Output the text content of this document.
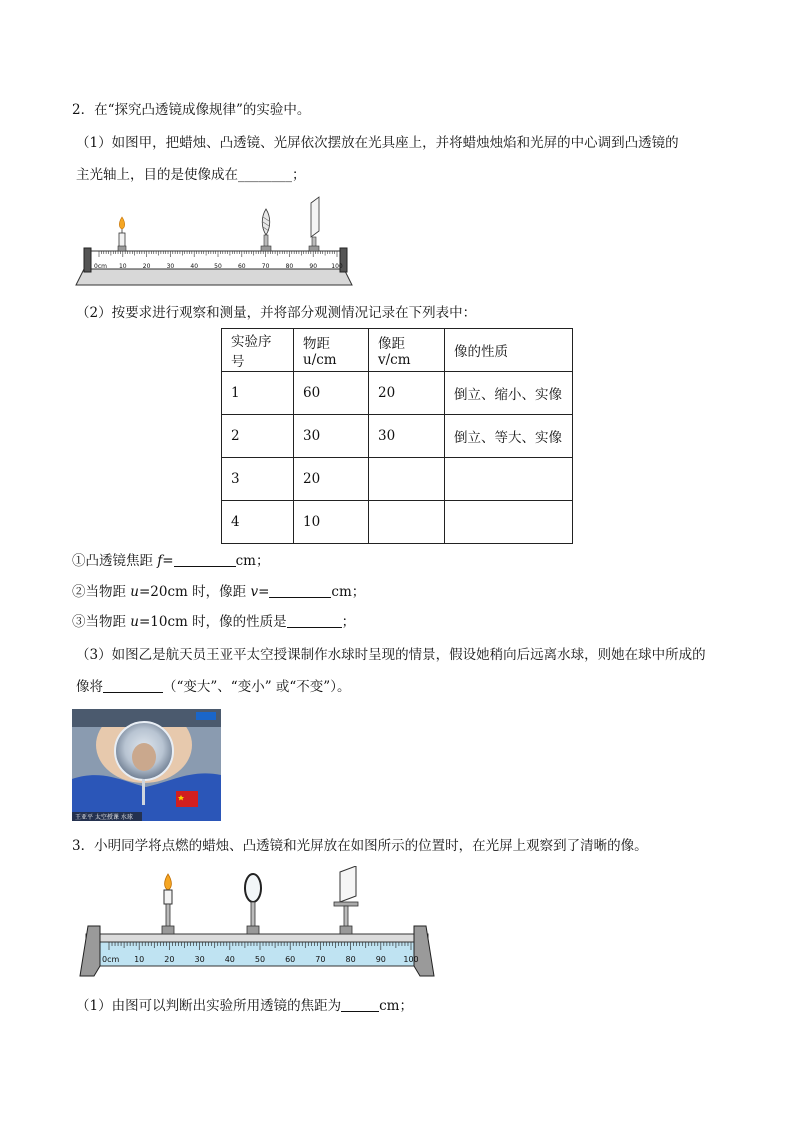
2．在“探究凸透镜成像规律”的实验中。
（1）如图甲，把蜡烛、凸透镜、光屏依次摆放在光具座上，并将蜡烛烛焰和光屏的中心调到凸透镜的
主光轴上，目的是使像成在________；
0cm 10	20	30	40	50	60	70	80	90 100
（2）按要求进行观察和测量，并将部分观测情况记录在下列表中：
实验序号	物距 u/cm	像距 v/cm	像的性质
1	60	20	倒立、缩小、实像
2	30	30	倒立、等大、实像
3	20		
4	10		
①凸透镜焦距 f=	cm；
②当物距 u=20cm 时，像距 v=	cm；
③当物距 u=10cm 时，像的性质是	；
（3）如图乙是航天员王亚平太空授课制作水球时呈现的情景，假设她稍向后远离水球，则她在球中所成的
像将	（“变大”、“变小” 或“不变”）。
王亚平 太空授课 水球
3．小明同学将点燃的蜡烛、凸透镜和光屏放在如图所示的位置时，在光屏上观察到了清晰的像。
0cm 10	20	30	40	50	60	70	80	90 100
（1）由图可以判断出实验所用透镜的焦距为	cm；
